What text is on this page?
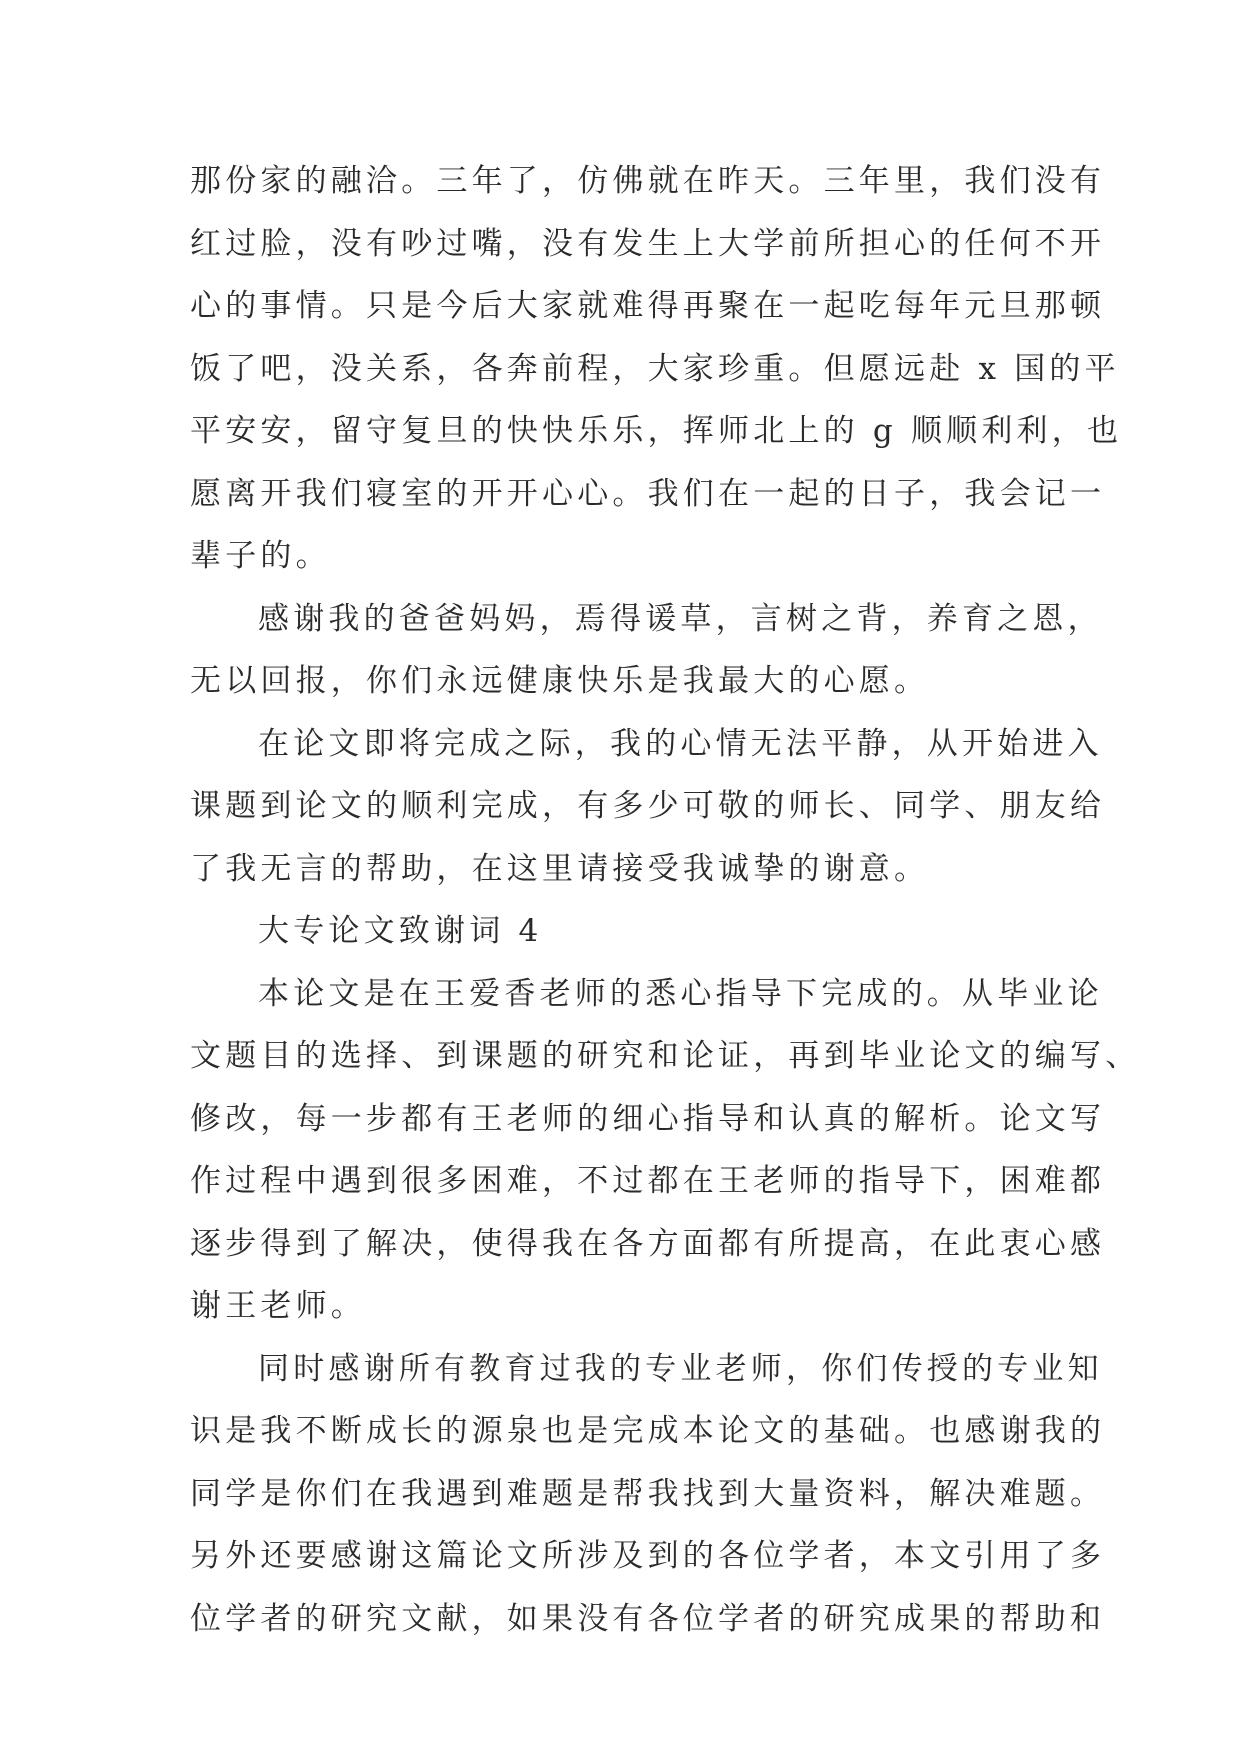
那份家的融洽。三年了，仿佛就在昨天。三年里，我们没有
红过脸，没有吵过嘴，没有发生上大学前所担心的任何不开
心的事情。只是今后大家就难得再聚在一起吃每年元旦那顿
饭了吧，没关系，各奔前程，大家珍重。但愿远赴 x 国的平
平安安，留守复旦的快快乐乐，挥师北上的 g 顺顺利利，也
愿离开我们寝室的开开心心。我们在一起的日子，我会记一
辈子的。
感谢我的爸爸妈妈，焉得谖草，言树之背，养育之恩，
无以回报，你们永远健康快乐是我最大的心愿。
在论文即将完成之际，我的心情无法平静，从开始进入
课题到论文的顺利完成，有多少可敬的师长、同学、朋友给
了我无言的帮助，在这里请接受我诚挚的谢意。
大专论文致谢词 4
本论文是在王爱香老师的悉心指导下完成的。从毕业论
文题目的选择、到课题的研究和论证，再到毕业论文的编写、
修改，每一步都有王老师的细心指导和认真的解析。论文写
作过程中遇到很多困难，不过都在王老师的指导下，困难都
逐步得到了解决，使得我在各方面都有所提高，在此衷心感
谢王老师。
同时感谢所有教育过我的专业老师，你们传授的专业知
识是我不断成长的源泉也是完成本论文的基础。也感谢我的
同学是你们在我遇到难题是帮我找到大量资料，解决难题。
另外还要感谢这篇论文所涉及到的各位学者，本文引用了多
位学者的研究文献，如果没有各位学者的研究成果的帮助和
